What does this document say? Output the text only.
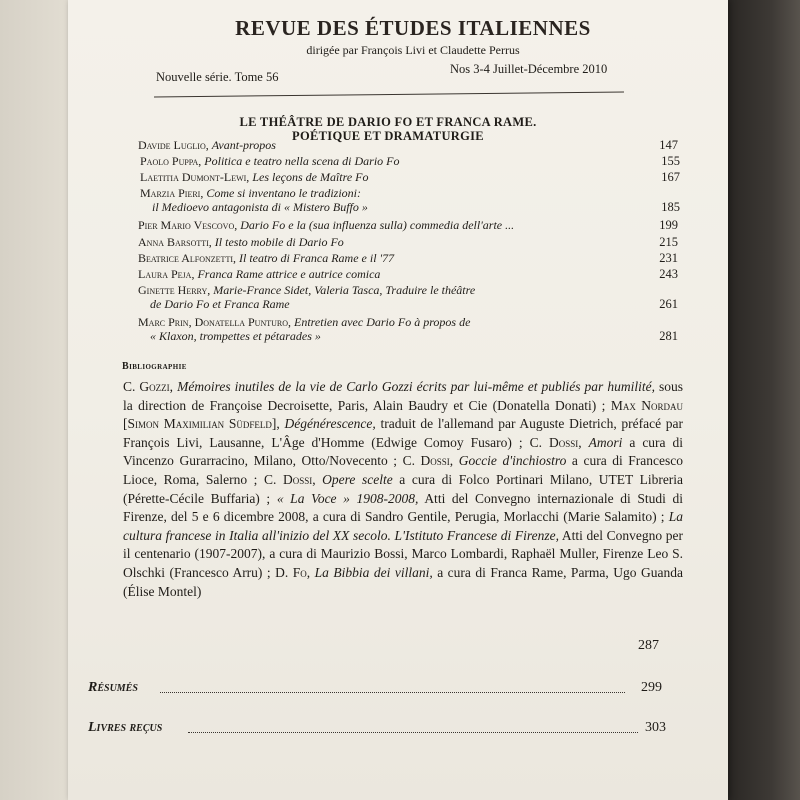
REVUE DES ÉTUDES ITALIENNES
dirigée par François Livi et Claudette Perrus
Nouvelle série. Tome 56
Nos 3-4 Juillet-Décembre 2010
LE THÉÂTRE DE DARIO FO ET FRANCA RAME.
POÉTIQUE ET DRAMATURGIE
Davide Luglio, Avant-propos	147
Paolo Puppa, Politica e teatro nella scena di Dario Fo	155
Laetitia Dumont-Lewi, Les leçons de Maître Fo	167
Marzia Pieri, Come si inventano le tradizioni:
il Medioevo antagonista di « Mistero Buffo »	185
Pier Mario Vescovo, Dario Fo e la (sua influenza sulla) commedia dell'arte ...	199
Anna Barsotti, Il testo mobile di Dario Fo	215
Beatrice Alfonzetti, Il teatro di Franca Rame e il '77	231
Laura Peja, Franca Rame attrice e autrice comica	243
Ginette Herry, Marie-France Sidet, Valeria Tasca, Traduire le théâtre
de Dario Fo et Franca Rame	261
Marc Prin, Donatella Punturo, Entretien avec Dario Fo à propos de
« Klaxon, trompettes et pétarades »	281
Bibliographie
C. Gozzi, Mémoires inutiles de la vie de Carlo Gozzi écrits par lui-même et publiés par humilité, sous la direction de Françoise Decroisette, Paris, Alain Baudry et Cie (Donatella Donati) ; Max Nordau [Simon Maximilian Südfeld], Dégénérescence, traduit de l'allemand par Auguste Dietrich, préfacé par François Livi, Lausanne, L'Âge d'Homme (Edwige Comoy Fusaro) ; C. Dossi, Amori a cura di Vincenzo Gurarracino, Milano, Otto/Novecento ; C. Dossi, Goccie d'inchiostro a cura di Francesco Lioce, Roma, Salerno ; C. Dossi, Opere scelte a cura di Folco Portinari Milano, UTET Libreria (Pérette-Cécile Buffaria) ; « La Voce » 1908-2008, Atti del Convegno internazionale di Studi di Firenze, del 5 e 6 dicembre 2008, a cura di Sandro Gentile, Perugia, Morlacchi (Marie Salamito) ; La cultura francese in Italia all'inizio del XX secolo. L'Istituto Francese di Firenze, Atti del Convegno per il centenario (1907-2007), a cura di Maurizio Bossi, Marco Lombardi, Raphaël Muller, Firenze Leo S. Olschki (Francesco Arru) ; D. Fo, La Bibbia dei villani, a cura di Franca Rame, Parma, Ugo Guanda (Élise Montel)
287
Résumés	299
Livres reçus	303
